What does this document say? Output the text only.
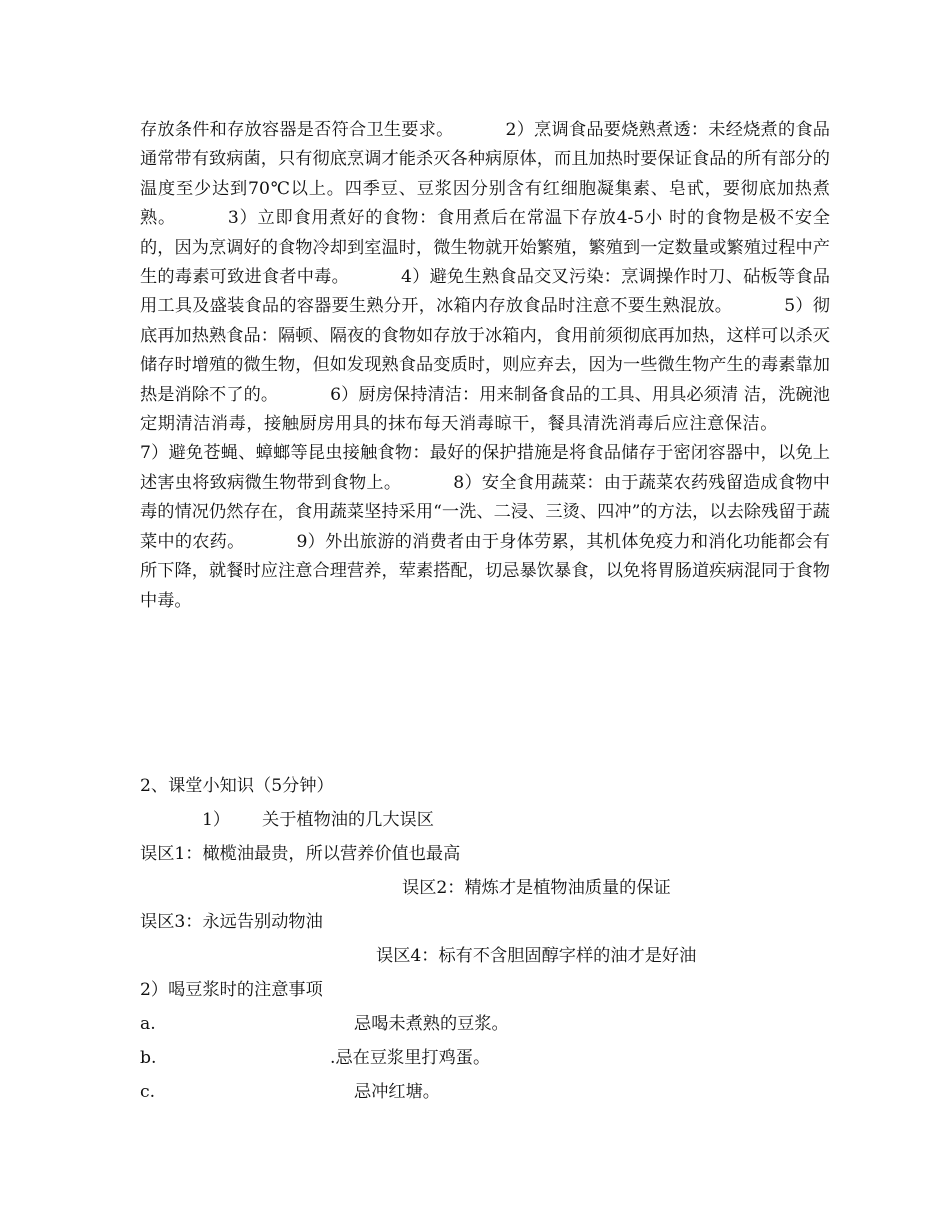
存放条件和存放容器是否符合卫生要求。	2）烹调食品要烧熟煮透：未经烧煮的食品通常带有致病菌，只有彻底烹调才能杀灭各种病原体，而且加热时要保证食品的所有部分的温度至少达到70℃以上。四季豆、豆浆因分别含有红细胞凝集素、皂甙，要彻底加热煮熟。	3）立即食用煮好的食物：食用煮后在常温下存放4-5小 时的食物是极不安全的，因为烹调好的食物冷却到室温时，微生物就开始繁殖，繁殖到一定数量或繁殖过程中产生的毒素可致进食者中毒。	4）避免生熟食品交叉污染：烹调操作时刀、砧板等食品用工具及盛装食品的容器要生熟分开，冰箱内存放食品时注意不要生熟混放。	5）彻底再加热熟食品：隔顿、隔夜的食物如存放于冰箱内，食用前须彻底再加热，这样可以杀灭储存时增殖的微生物，但如发现熟食品变质时，则应弃去，因为一些微生物产生的毒素靠加热是消除不了的。	6）厨房保持清洁：用来制备食品的工具、用具必须清 洁，洗碗池定期清洁消毒，接触厨房用具的抹布每天消毒晾干，餐具清洗消毒后应注意保洁。7）避免苍蝇、蟑螂等昆虫接触食物：最好的保护措施是将食品储存于密闭容器中，以免上述害虫将致病微生物带到食物上。	8）安全食用蔬菜：由于蔬菜农药残留造成食物中毒的情况仍然存在，食用蔬菜坚持采用“一洗、二浸、三烫、四冲”的方法，以去除残留于蔬菜中的农药。	9）外出旅游的消费者由于身体劳累，其机体免疫力和消化功能都会有所下降，就餐时应注意合理营养，荤素搭配，切忌暴饮暴食，以免将胃肠道疾病混同于食物中毒。
2、课堂小知识（5分钟）
1） 关于植物油的几大误区
误区1：橄榄油最贵，所以营养价值也最高
误区2：精炼才是植物油质量的保证
误区3：永远告别动物油
误区4：标有不含胆固醇字样的油才是好油
2）喝豆浆时的注意事项
a.	忌喝未煮熟的豆浆。
b.	.忌在豆浆里打鸡蛋。
c.	忌冲红塘。
